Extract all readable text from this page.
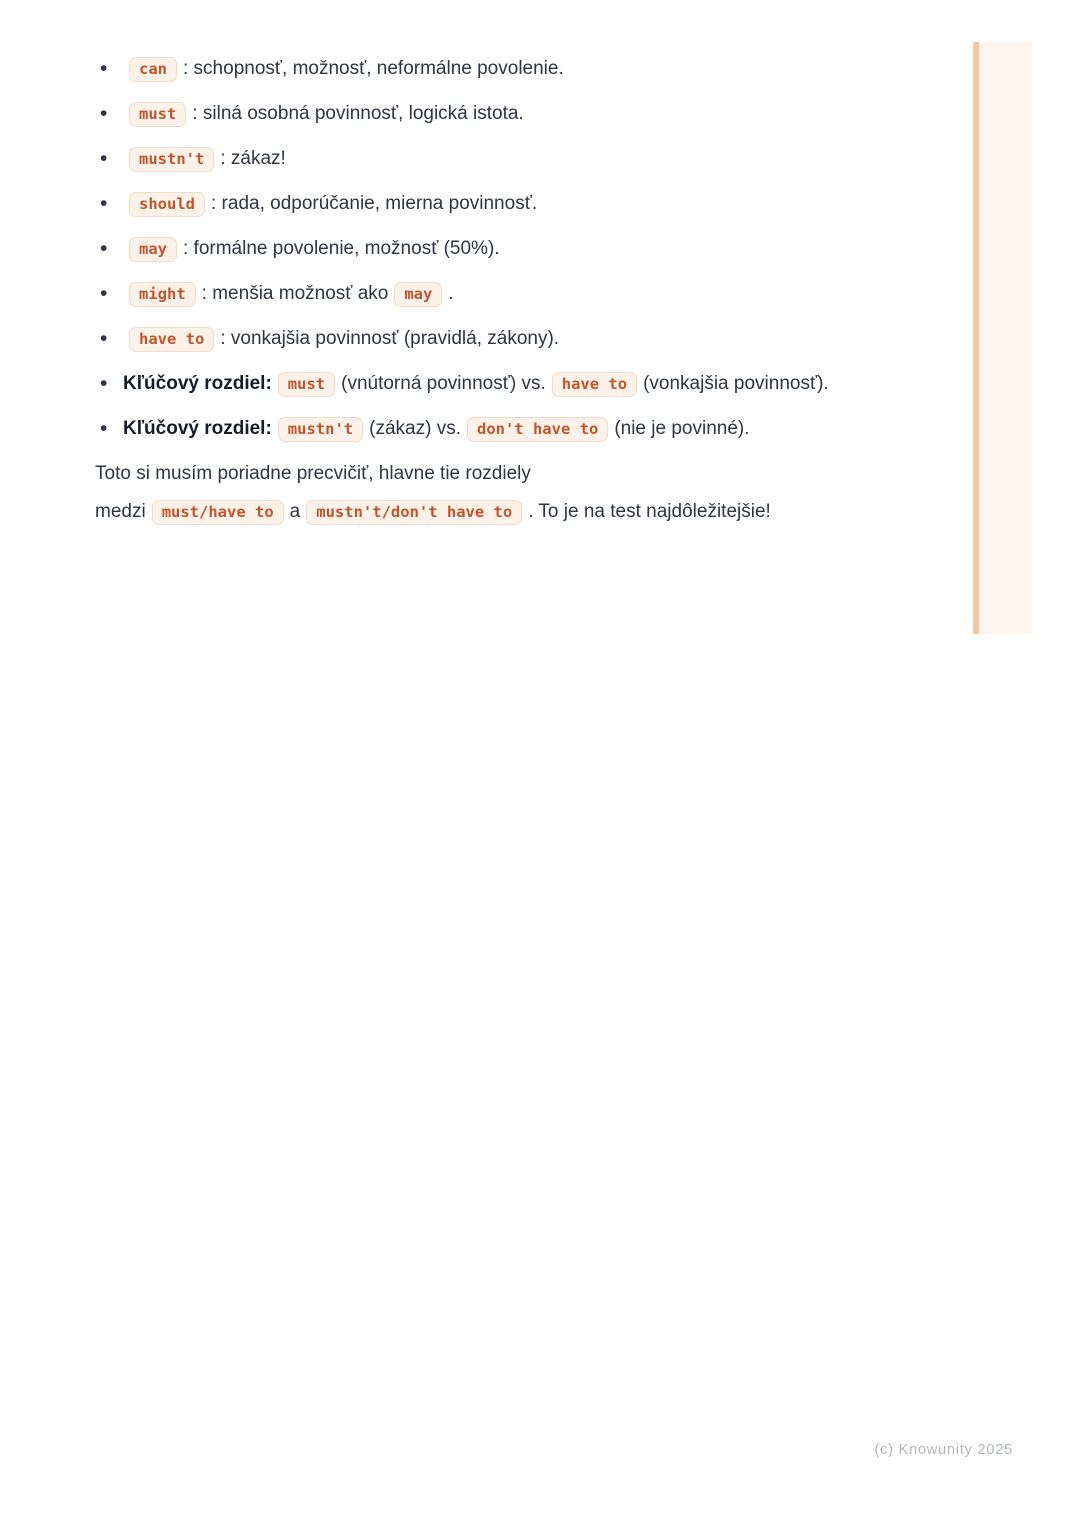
• can : schopnosť, možnosť, neformálne povolenie.
• must : silná osobná povinnosť, logická istota.
• mustn't : zákaz!
• should : rada, odporúčanie, mierna povinnosť.
• may : formálne povolenie, možnosť (50%).
• might : menšia možnosť ako may .
• have to : vonkajšia povinnosť (pravidlá, zákony).
• Kľúčový rozdiel: must (vnútorná povinnosť) vs. have to (vonkajšia povinnosť).
• Kľúčový rozdiel: mustn't (zákaz) vs. don't have to (nie je povinné).

Toto si musím poriadne precvičiť, hlavne tie rozdiely medzi must/have to a mustn't/don't have to . To je na test najdôležitejšie!

(c) Knowunity 2025
